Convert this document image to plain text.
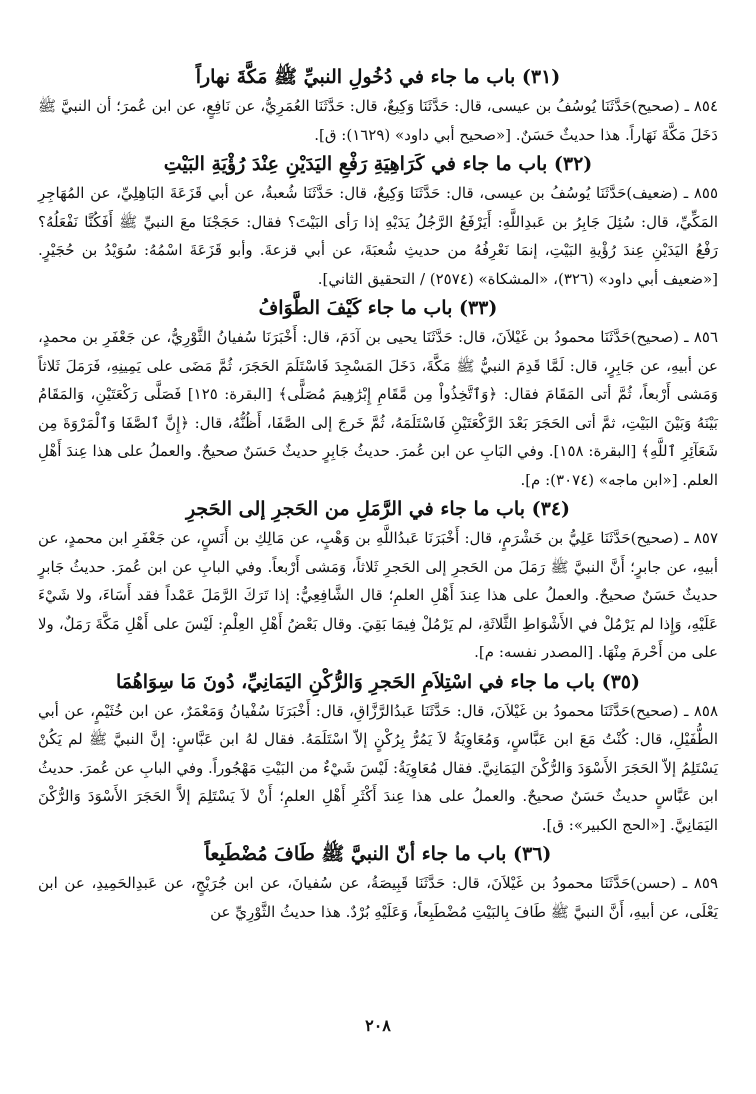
(٣١) باب ما جاء في دُخُولِ النبيِّ ﷺ مَكَّةَ نهاراً

٨٥٤ ـ (صحيح)حَدَّثَنَا يُوسُفُ بن عيسى، قال: حَدَّثَنَا وَكِيعٌ، قال: حَدَّثَنَا العُمَرِيُّ، عن نَافِعٍ، عن ابن عُمرَ؛ أن النبيَّ ﷺ دَخَلَ مَكَّةَ نَهَاراً. هذا حديثٌ حَسَنٌ. [«صحيح أبي داود» (١٦٢٩): ق].

(٣٢) باب ما جاء في كَرَاهِيَةِ رَفْعِ اليَدَيْنِ عِنْدَ رُؤْيَةِ البَيْتِ

٨٥٥ ـ (ضعيف)حَدَّثَنَا يُوسُفُ بن عيسى، قال: حَدَّثَنَا وَكِيعٌ، قال: حَدَّثَنَا شُعبةُ، عن أبي قَزَعَةَ البَاهِلِيِّ، عن المُهَاجِرِ المَكِّيِّ، قال: سُئِلَ جَابِرُ بن عَبدِاللَّهِ: أَيَرْفَعُ الرَّجُلُ يَدَيْهِ إذا رَأى البَيْتَ؟ فقال: حَجَجْنَا معَ النبيِّ ﷺ أَفَكُنَّا نَفْعَلُهُ؟ رَفْعُ اليَدَيْنِ عِندَ رُؤْيةِ البَيْتِ، إنمَا نَعْرِفُهُ من حديثِ شُعبَةَ، عن أبي قزعةَ. وأبو قَزَعَةَ اسْمُهُ: سُوَيْدُ بن حُجَيْرٍ. [«ضعيف أبي داود» (٣٢٦)، «المشكاة» (٢٥٧٤) / التحقيق الثاني].

(٣٣) باب ما جاء كَيْفَ الطَّوَافُ

٨٥٦ ـ (صحيح)حَدَّثَنَا محمودُ بن غَيْلاَنَ، قال: حَدَّثَنَا يحيى بن آدَمَ، قال: أَخْبَرَنَا سُفيانُ الثَّوْرِيُّ، عن جَعْفَرِ بن محمدٍ، عن أبيهِ، عن جَابِرٍ، قال: لَمَّا قَدِمَ النبيُّ ﷺ مَكَّةَ، دَخَلَ المَسْجِدَ فَاسْتَلَمَ الحَجَرَ، ثُمَّ مَضَى على يَمِينِهِ، فَرَمَلَ ثَلاثاً وَمَشى أَرْبعاً، ثُمَّ أتى المَقَامَ فقال: ﴿وَٱتَّخِذُواْ مِن مَّقَامِ إِبْرَٰهِيمَ مُصَلًّى﴾ [البقرة: ١٢٥] فَصَلَّى رَكْعَتَيْنِ، وَالمَقَامُ بَيْنَهُ وَبَيْنَ البَيْتِ، ثمَّ أتى الحَجَرَ بَعْدَ الرَّكْعَتَيْنِ فَاسْتَلَمَهُ، ثُمَّ خَرجَ إلى الصَّفَا، أَظُنُّهُ، قال: ﴿إِنَّ ٱلصَّفَا وَٱلْمَرْوَةَ مِن شَعَآئِرِ ٱللَّهِ﴾ [البقرة: ١٥٨]. وفي البَابِ عن ابن عُمرَ. حديثُ جَابِرٍ حديثٌ حَسَنٌ صحيحٌ. والعملُ على هذا عِندَ أَهْلِ العلم. [«ابن ماجه» (٣٠٧٤): م].

(٣٤) باب ما جاء في الرَّمَلِ من الحَجرِ إلى الحَجرِ

٨٥٧ ـ (صحيح)حَدَّثَنَا عَلِيُّ بن خَشْرَمٍ، قال: أَخْبَرَنَا عَبدُاللَّهِ بن وَهْبٍ، عن مَالِكِ بن أَنَسٍ، عن جَعْفَرِ ابن محمدٍ، عن أبيهِ، عن جابرٍ؛ أَنَّ النبيَّ ﷺ رَمَلَ من الحَجرِ إلى الحَجرِ ثَلاثاً، وَمَشى أَرْبعاً. وفي البابِ عن ابن عُمرَ. حديثُ جَابرٍ حديثٌ حَسَنٌ صحيحٌ. والعملُ على هذا عِندَ أَهْلِ العلمِ؛ قال الشَّافِعِيُّ: إذا تَرَكَ الرَّمَلَ عَمْداً فقد أَسَاءَ، ولا شَيْءَ عَلَيْهِ، وَإِذا لم يَرْمُلْ في الأَشْوَاطِ الثَّلاثَةِ، لم يَرْمُلْ فِيمَا بَقِيَ. وقال بَعْضُ أَهْلِ العِلْمِ: لَيْسَ على أَهْلِ مَكَّةَ رَمَلٌ، ولا على من أَحْرمَ مِنْهَا. [المصدر نفسه: م].

(٣٥) باب ما جاء في اسْتِلاَمِ الحَجرِ وَالرُّكْنِ اليَمَانِيِّ، دُونَ مَا سِوَاهُمَا

٨٥٨ ـ (صحيح)حَدَّثَنَا محمودُ بن غَيْلاَنَ، قال: حَدَّثَنَا عَبدُالرَّزَّاقِ، قال: أَخْبَرَنَا سُفْيانُ وَمَعْمَرٌ، عن ابن خُثَيْمٍ، عن أبي الطُّفَيْلِ، قال: كُنْتُ مَعَ ابن عَبَّاسٍ، وَمُعَاوِيَةُ لاَ يَمُرُّ بِرُكْنٍ إلاّ اسْتَلَمَهُ. فقال لهُ ابن عَبَّاسٍ: إنَّ النبيَّ ﷺ لم يَكُنْ يَسْتَلِمُ إلاّ الحَجَرَ الأَسْوَدَ وَالرُّكْنَ اليَمَانِيَّ. فقال مُعَاوِيَةُ: لَيْسَ شَيْءٌ من البَيْتِ مَهْجُوراً. وفي البابِ عن عُمرَ. حديثُ ابن عَبَّاسٍ حديثٌ حَسَنٌ صحيحٌ. والعملُ على هذا عِندَ أَكْثَرِ أَهْلِ العلمِ؛ أَنْ لاَ يَسْتَلِمَ إلاَّ الحَجَرَ الأَسْوَدَ وَالرُّكْنَ اليَمَانِيَّ. [«الحج الكبير»: ق].

(٣٦) باب ما جاء أنّ النبيَّ ﷺ طَافَ مُضْطَبِعاً

٨٥٩ ـ (حسن)حَدَّثَنَا محمودُ بن غَيْلاَنَ، قال: حَدَّثَنَا قَبِيصَةُ، عن سُفيانَ، عن ابن جُرَيْجٍ، عن عَبدِالحَمِيدِ، عن ابن يَعْلَى، عن أبيهِ، أَنَّ النبيَّ ﷺ طَافَ بِالبَيْتِ مُضْطَبِعاً، وَعَلَيْهِ بُرْدٌ. هذا حديثُ الثَّوْرِيِّ عن

٢٠٨
